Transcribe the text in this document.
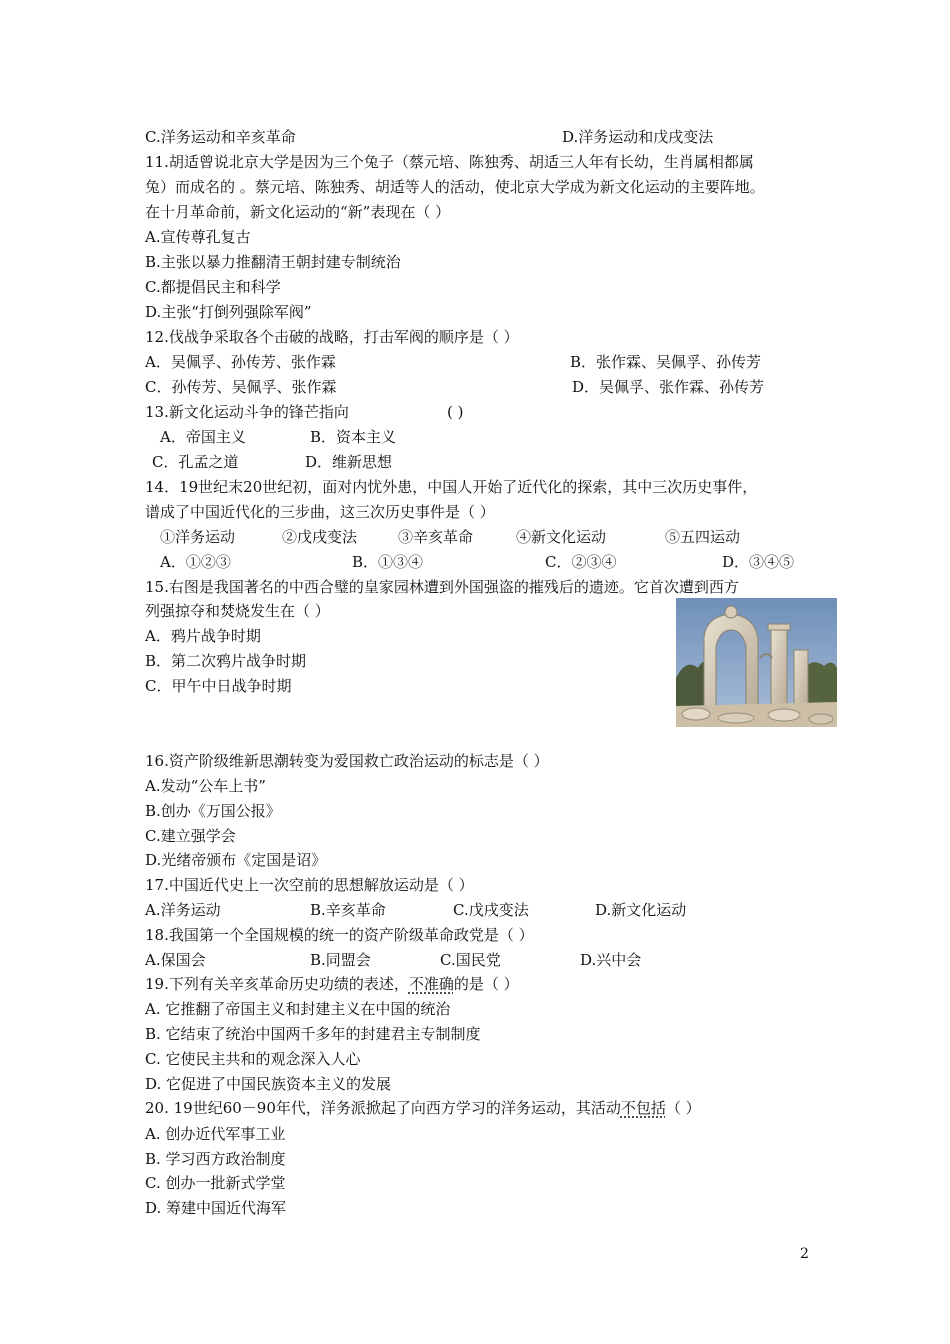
C.洋务运动和辛亥革命	D.洋务运动和戊戌变法
11.胡适曾说北京大学是因为三个兔子（蔡元培、陈独秀、胡适三人年有长幼，生肖属相都属
兔）而成名的 。蔡元培、陈独秀、胡适等人的活动，使北京大学成为新文化运动的主要阵地。
在十月革命前，新文化运动的“新”表现在（ ）
A.宣传尊孔复古
B.主张以暴力推翻清王朝封建专制统治
C.都提倡民主和科学
D.主张“打倒列强除军阀”
12.伐战争采取各个击破的战略，打击军阀的顺序是（ ）
A．吴佩孚、孙传芳、张作霖	B．张作霖、吴佩孚、孙传芳
C．孙传芳、吴佩孚、张作霖	D．吴佩孚、张作霖、孙传芳
13.新文化运动斗争的锋芒指向	( )
A．帝国主义	B．资本主义
C．孔孟之道	D．维新思想
14．19世纪末20世纪初，面对内忧外患，中国人开始了近代化的探索，其中三次历史事件，
谱成了中国近代化的三步曲，这三次历史事件是（ ）
①洋务运动	②戊戌变法	③辛亥革命	④新文化运动	⑤五四运动
A．①②③	B．①③④	C．②③④	D．③④⑤
15.右图是我国著名的中西合璧的皇家园林遭到外国强盗的摧残后的遗迹。它首次遭到西方
列强掠夺和焚烧发生在（ ）
A．鸦片战争时期
B．第二次鸦片战争时期
C．甲午中日战争时期
16.资产阶级维新思潮转变为爱国救亡政治运动的标志是（ ）
A.发动“公车上书”
B.创办《万国公报》
C.建立强学会
D.光绪帝颁布《定国是诏》
17.中国近代史上一次空前的思想解放运动是（ ）
A.洋务运动	B.辛亥革命	C.戊戌变法	D.新文化运动
18.我国第一个全国规模的统一的资产阶级革命政党是（ ）
A.保国会	B.同盟会	C.国民党	D.兴中会
19.下列有关辛亥革命历史功绩的表述，不准确的是（ ）
A. 它推翻了帝国主义和封建主义在中国的统治
B. 它结束了统治中国两千多年的封建君主专制制度
C. 它使民主共和的观念深入人心
D. 它促进了中国民族资本主义的发展
20. 19世纪60－90年代，洋务派掀起了向西方学习的洋务运动，其活动不包括（ ）
A. 创办近代军事工业
B. 学习西方政治制度
C. 创办一批新式学堂
D. 筹建中国近代海军
2
